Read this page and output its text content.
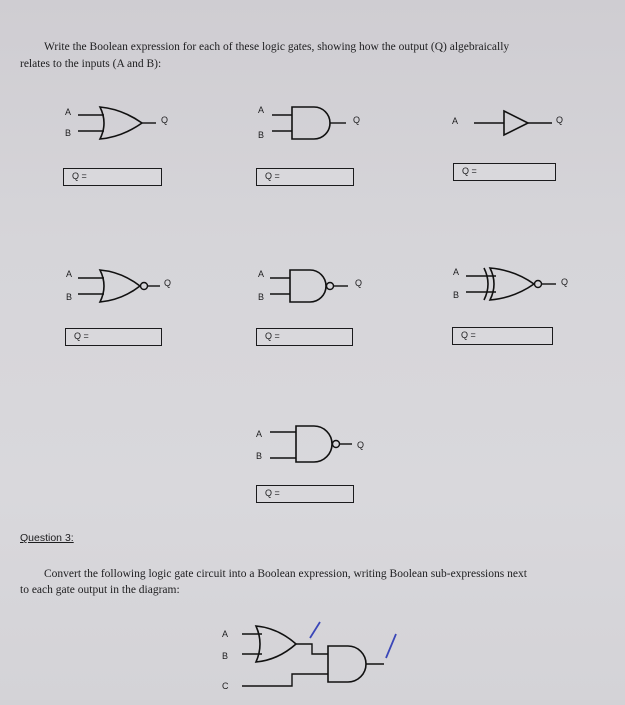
Write the Boolean expression for each of these logic gates, showing how the output (Q) algebraically
relates to the inputs (A and B):
A
B
Q
Q =
A
B
Q
Q =
A	Q
Q =
A
B
Q
Q =
A
B
Q
Q =
A
B
Q
Q =
A
B
Q
Q =
Question 3:
Convert the following logic gate circuit into a Boolean expression, writing Boolean sub-expressions next
to each gate output in the diagram:
A
B
C
